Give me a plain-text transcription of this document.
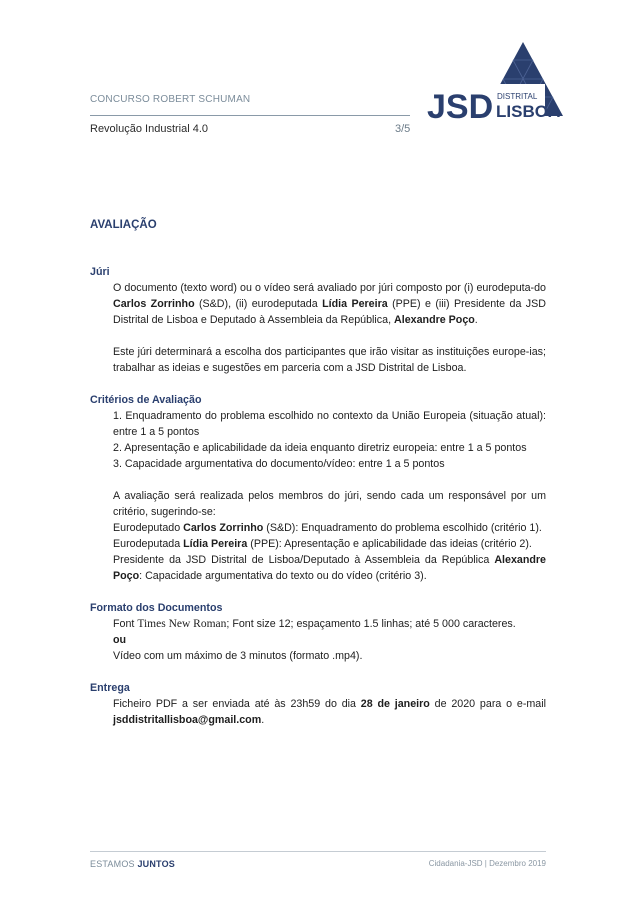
CONCURSO ROBERT SCHUMAN
Revolução Industrial 4.0	3/5
JSD DISTRITAL
LISBOA
AVALIAÇÃO
Júri
O documento (texto word) ou o vídeo será avaliado por júri composto por (i) eurodeputa-do Carlos Zorrinho (S&D), (ii) eurodeputada Lídia Pereira (PPE) e (iii) Presidente da JSD Distrital de Lisboa e Deputado à Assembleia da República, Alexandre Poço.
Este júri determinará a escolha dos participantes que irão visitar as instituições europe-ias; trabalhar as ideias e sugestões em parceria com a JSD Distrital de Lisboa.
Critérios de Avaliação
1. Enquadramento do problema escolhido no contexto da União Europeia (situação atual): entre 1 a 5 pontos
2. Apresentação e aplicabilidade da ideia enquanto diretriz europeia: entre 1 a 5 pontos
3. Capacidade argumentativa do documento/vídeo: entre 1 a 5 pontos
A avaliação será realizada pelos membros do júri, sendo cada um responsável por um critério, sugerindo-se:
Eurodeputado Carlos Zorrinho (S&D): Enquadramento do problema escolhido (critério 1).
Eurodeputada Lídia Pereira (PPE): Apresentação e aplicabilidade das ideias (critério 2).
Presidente da JSD Distrital de Lisboa/Deputado à Assembleia da República Alexandre Poço: Capacidade argumentativa do texto ou do vídeo (critério 3).
Formato dos Documentos
Font Times New Roman; Font size 12; espaçamento 1.5 linhas; até 5 000 caracteres.
ou
Vídeo com um máximo de 3 minutos (formato .mp4).
Entrega
Ficheiro PDF a ser enviada até às 23h59 do dia 28 de janeiro de 2020 para o e-mail jsddistritallisboa@gmail.com.
ESTAMOS JUNTOS	Cidadania-JSD | Dezembro 2019
